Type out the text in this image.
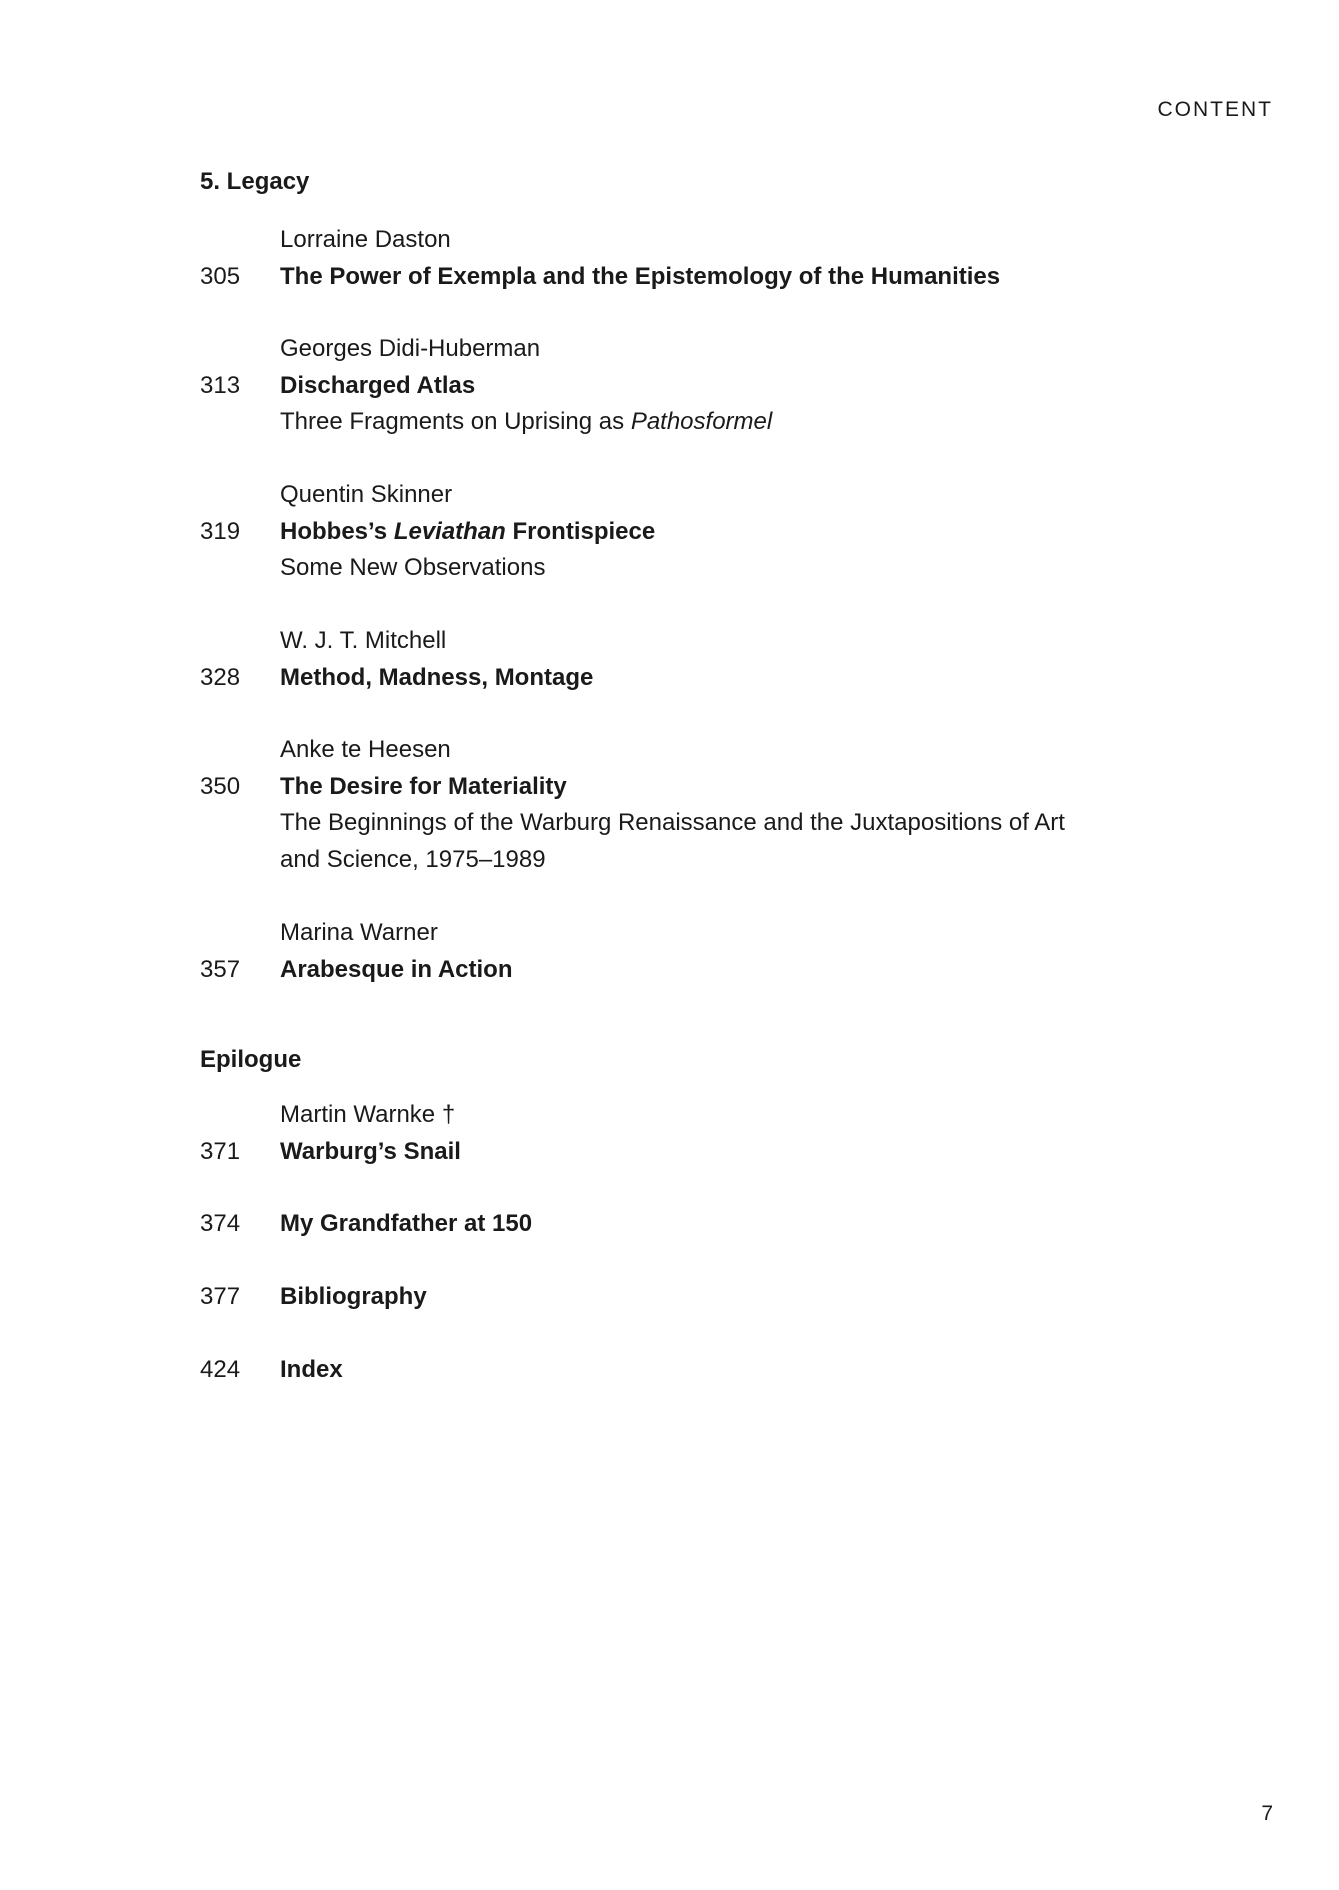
CONTENT
5. Legacy
Lorraine Daston
305	The Power of Exempla and the Epistemology of the Humanities
Georges Didi-Huberman
313	Discharged Atlas
Three Fragments on Uprising as Pathosformel
Quentin Skinner
319	Hobbes’s Leviathan Frontispiece
Some New Observations
W. J. T. Mitchell
328	Method, Madness, Montage
Anke te Heesen
350	The Desire for Materiality
The Beginnings of the Warburg Renaissance and the Juxtapositions of Art
and Science, 1975–1989
Marina Warner
357	Arabesque in Action
Epilogue
Martin Warnke †
371	Warburg’s Snail
374	My Grandfather at 150
377	Bibliography
424	Index
7
